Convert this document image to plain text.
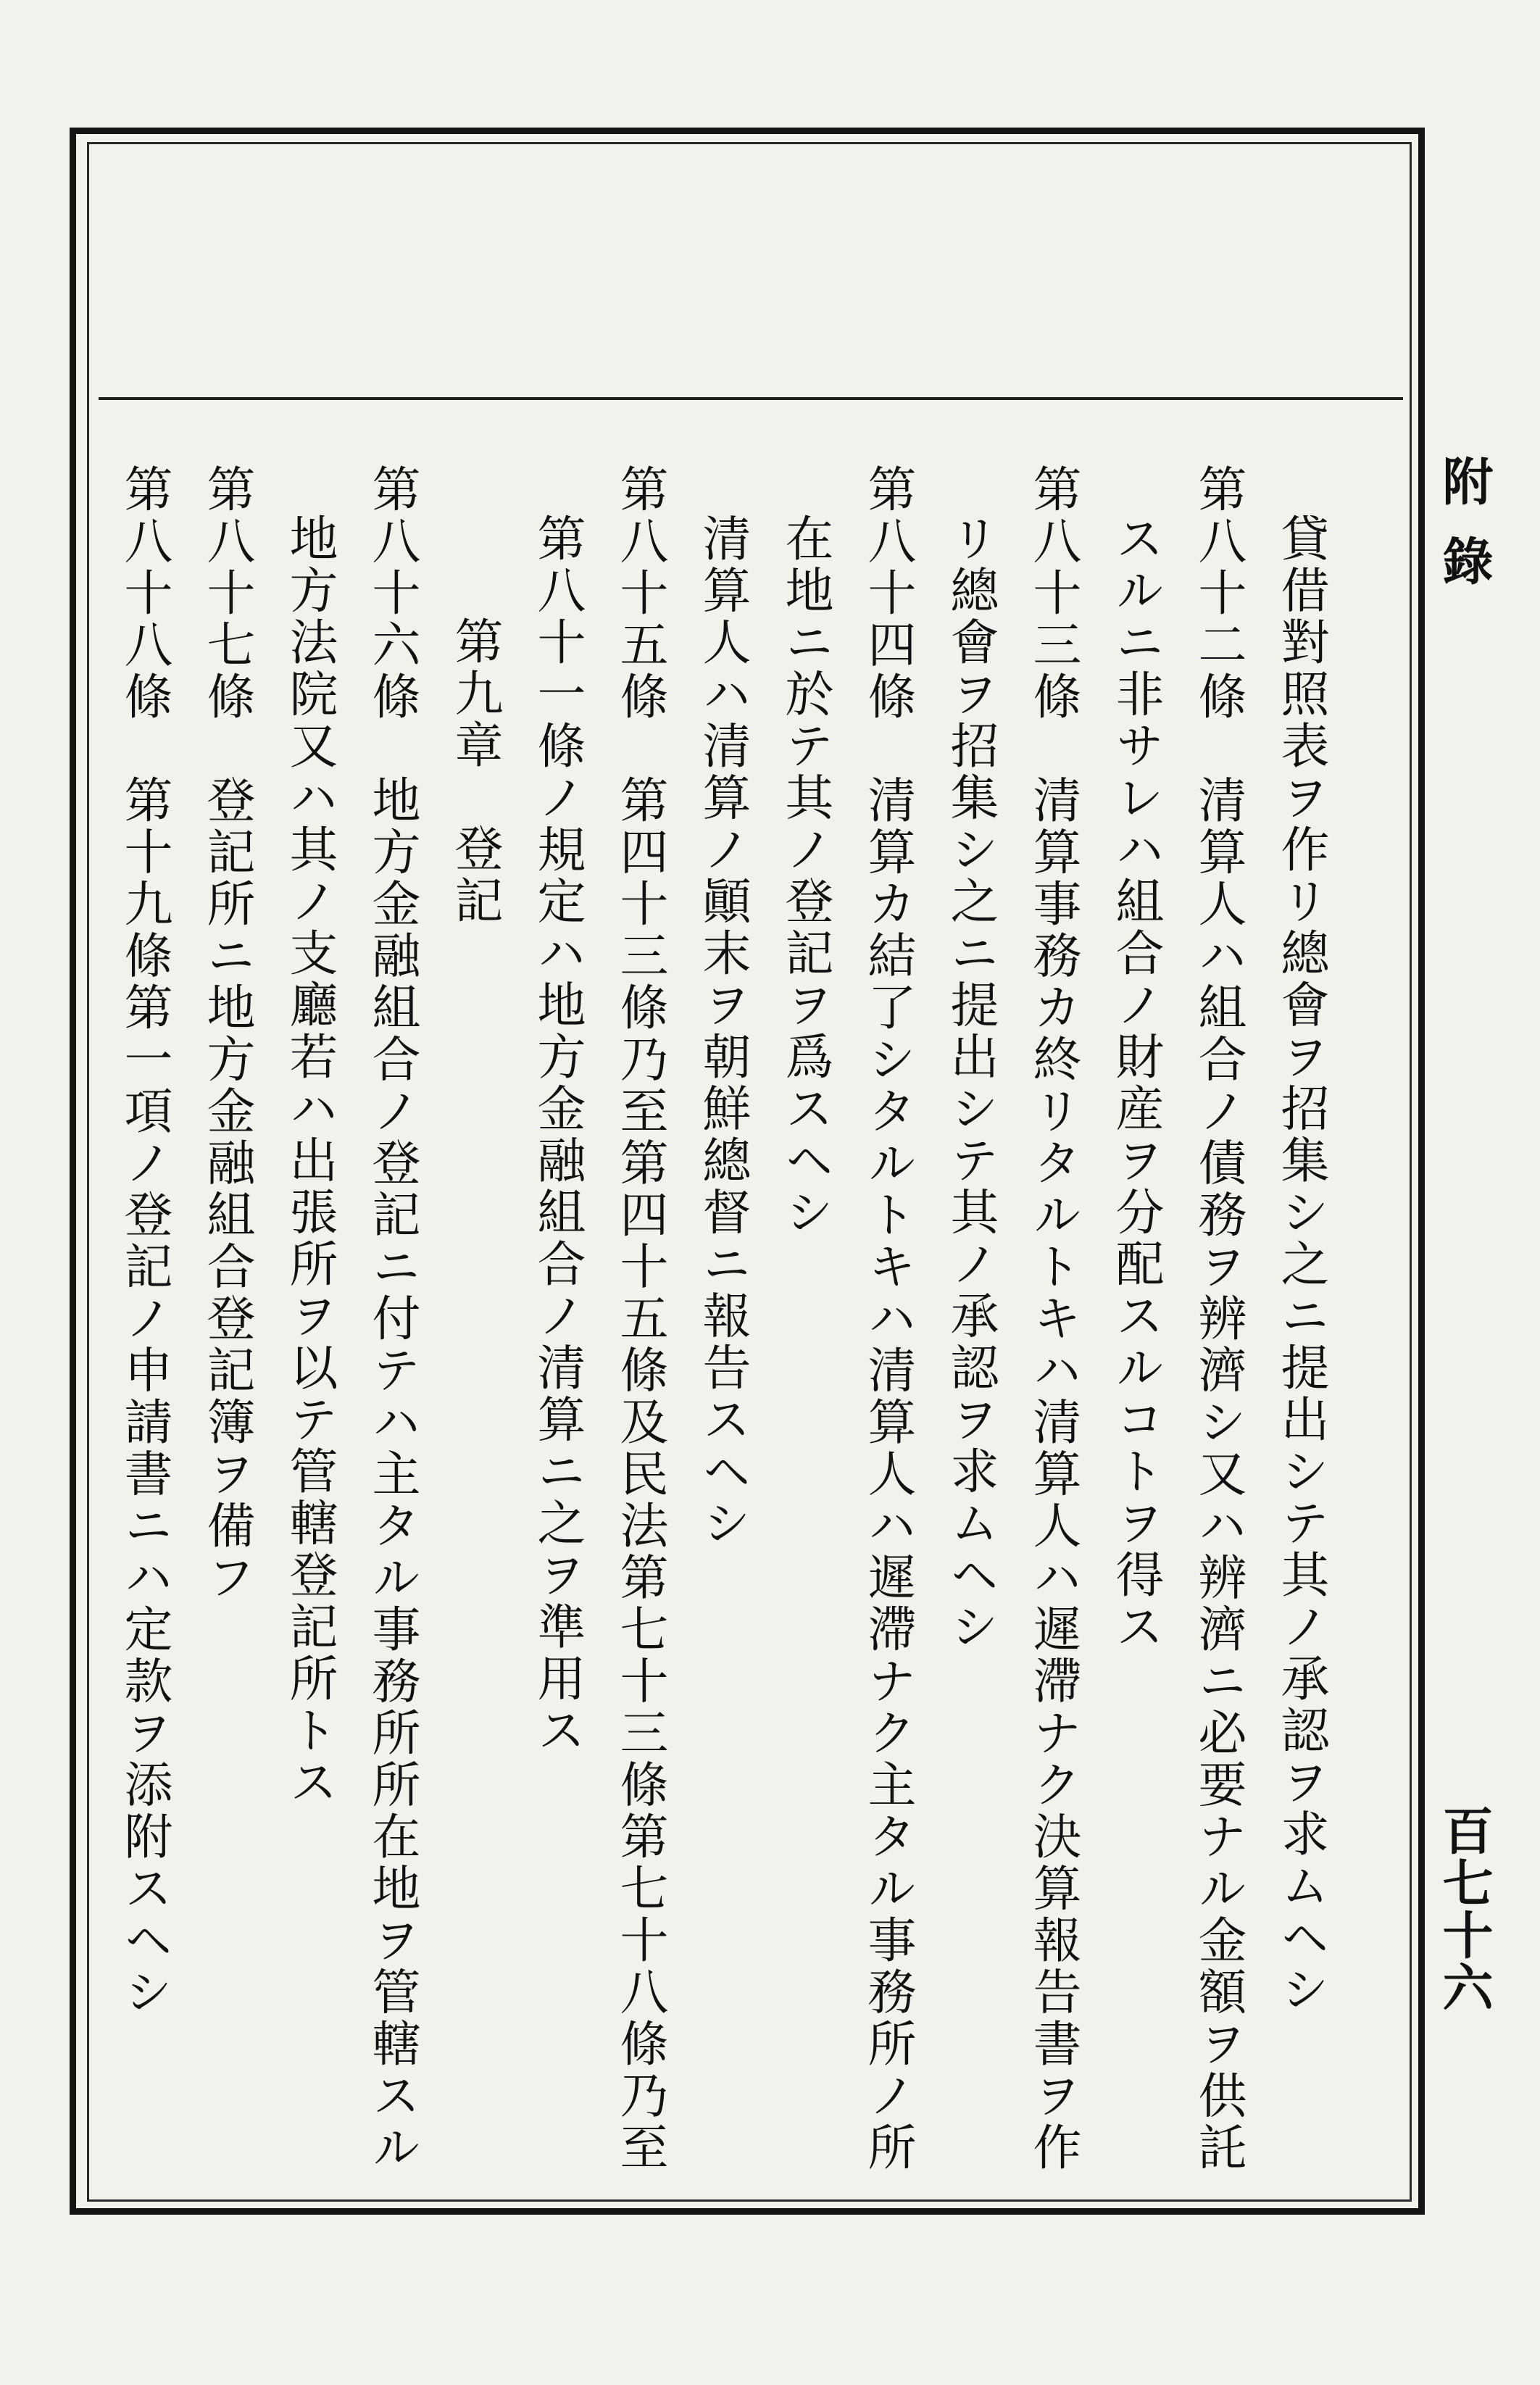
附錄
百七十六
貸借對照表ヲ作リ總會ヲ招集シ之ニ提出シテ其ノ承認ヲ求ムヘシ
第八十二條　清算人ハ組合ノ債務ヲ辨濟シ又ハ辨濟ニ必要ナル金額ヲ供託
スルニ非サレハ組合ノ財産ヲ分配スルコトヲ得ス
第八十三條　清算事務カ終リタルトキハ清算人ハ遲滯ナク決算報告書ヲ作
リ總會ヲ招集シ之ニ提出シテ其ノ承認ヲ求ムヘシ
第八十四條　清算カ結了シタルトキハ清算人ハ遲滯ナク主タル事務所ノ所
在地ニ於テ其ノ登記ヲ爲スヘシ
清算人ハ清算ノ顚末ヲ朝鮮總督ニ報告スヘシ
第八十五條　第四十三條乃至第四十五條及民法第七十三條第七十八條乃至
第八十一條ノ規定ハ地方金融組合ノ清算ニ之ヲ準用ス
第九章　登記
第八十六條　地方金融組合ノ登記ニ付テハ主タル事務所所在地ヲ管轄スル
地方法院又ハ其ノ支廳若ハ出張所ヲ以テ管轄登記所トス
第八十七條　登記所ニ地方金融組合登記簿ヲ備フ
第八十八條　第十九條第一項ノ登記ノ申請書ニハ定款ヲ添附スヘシ
